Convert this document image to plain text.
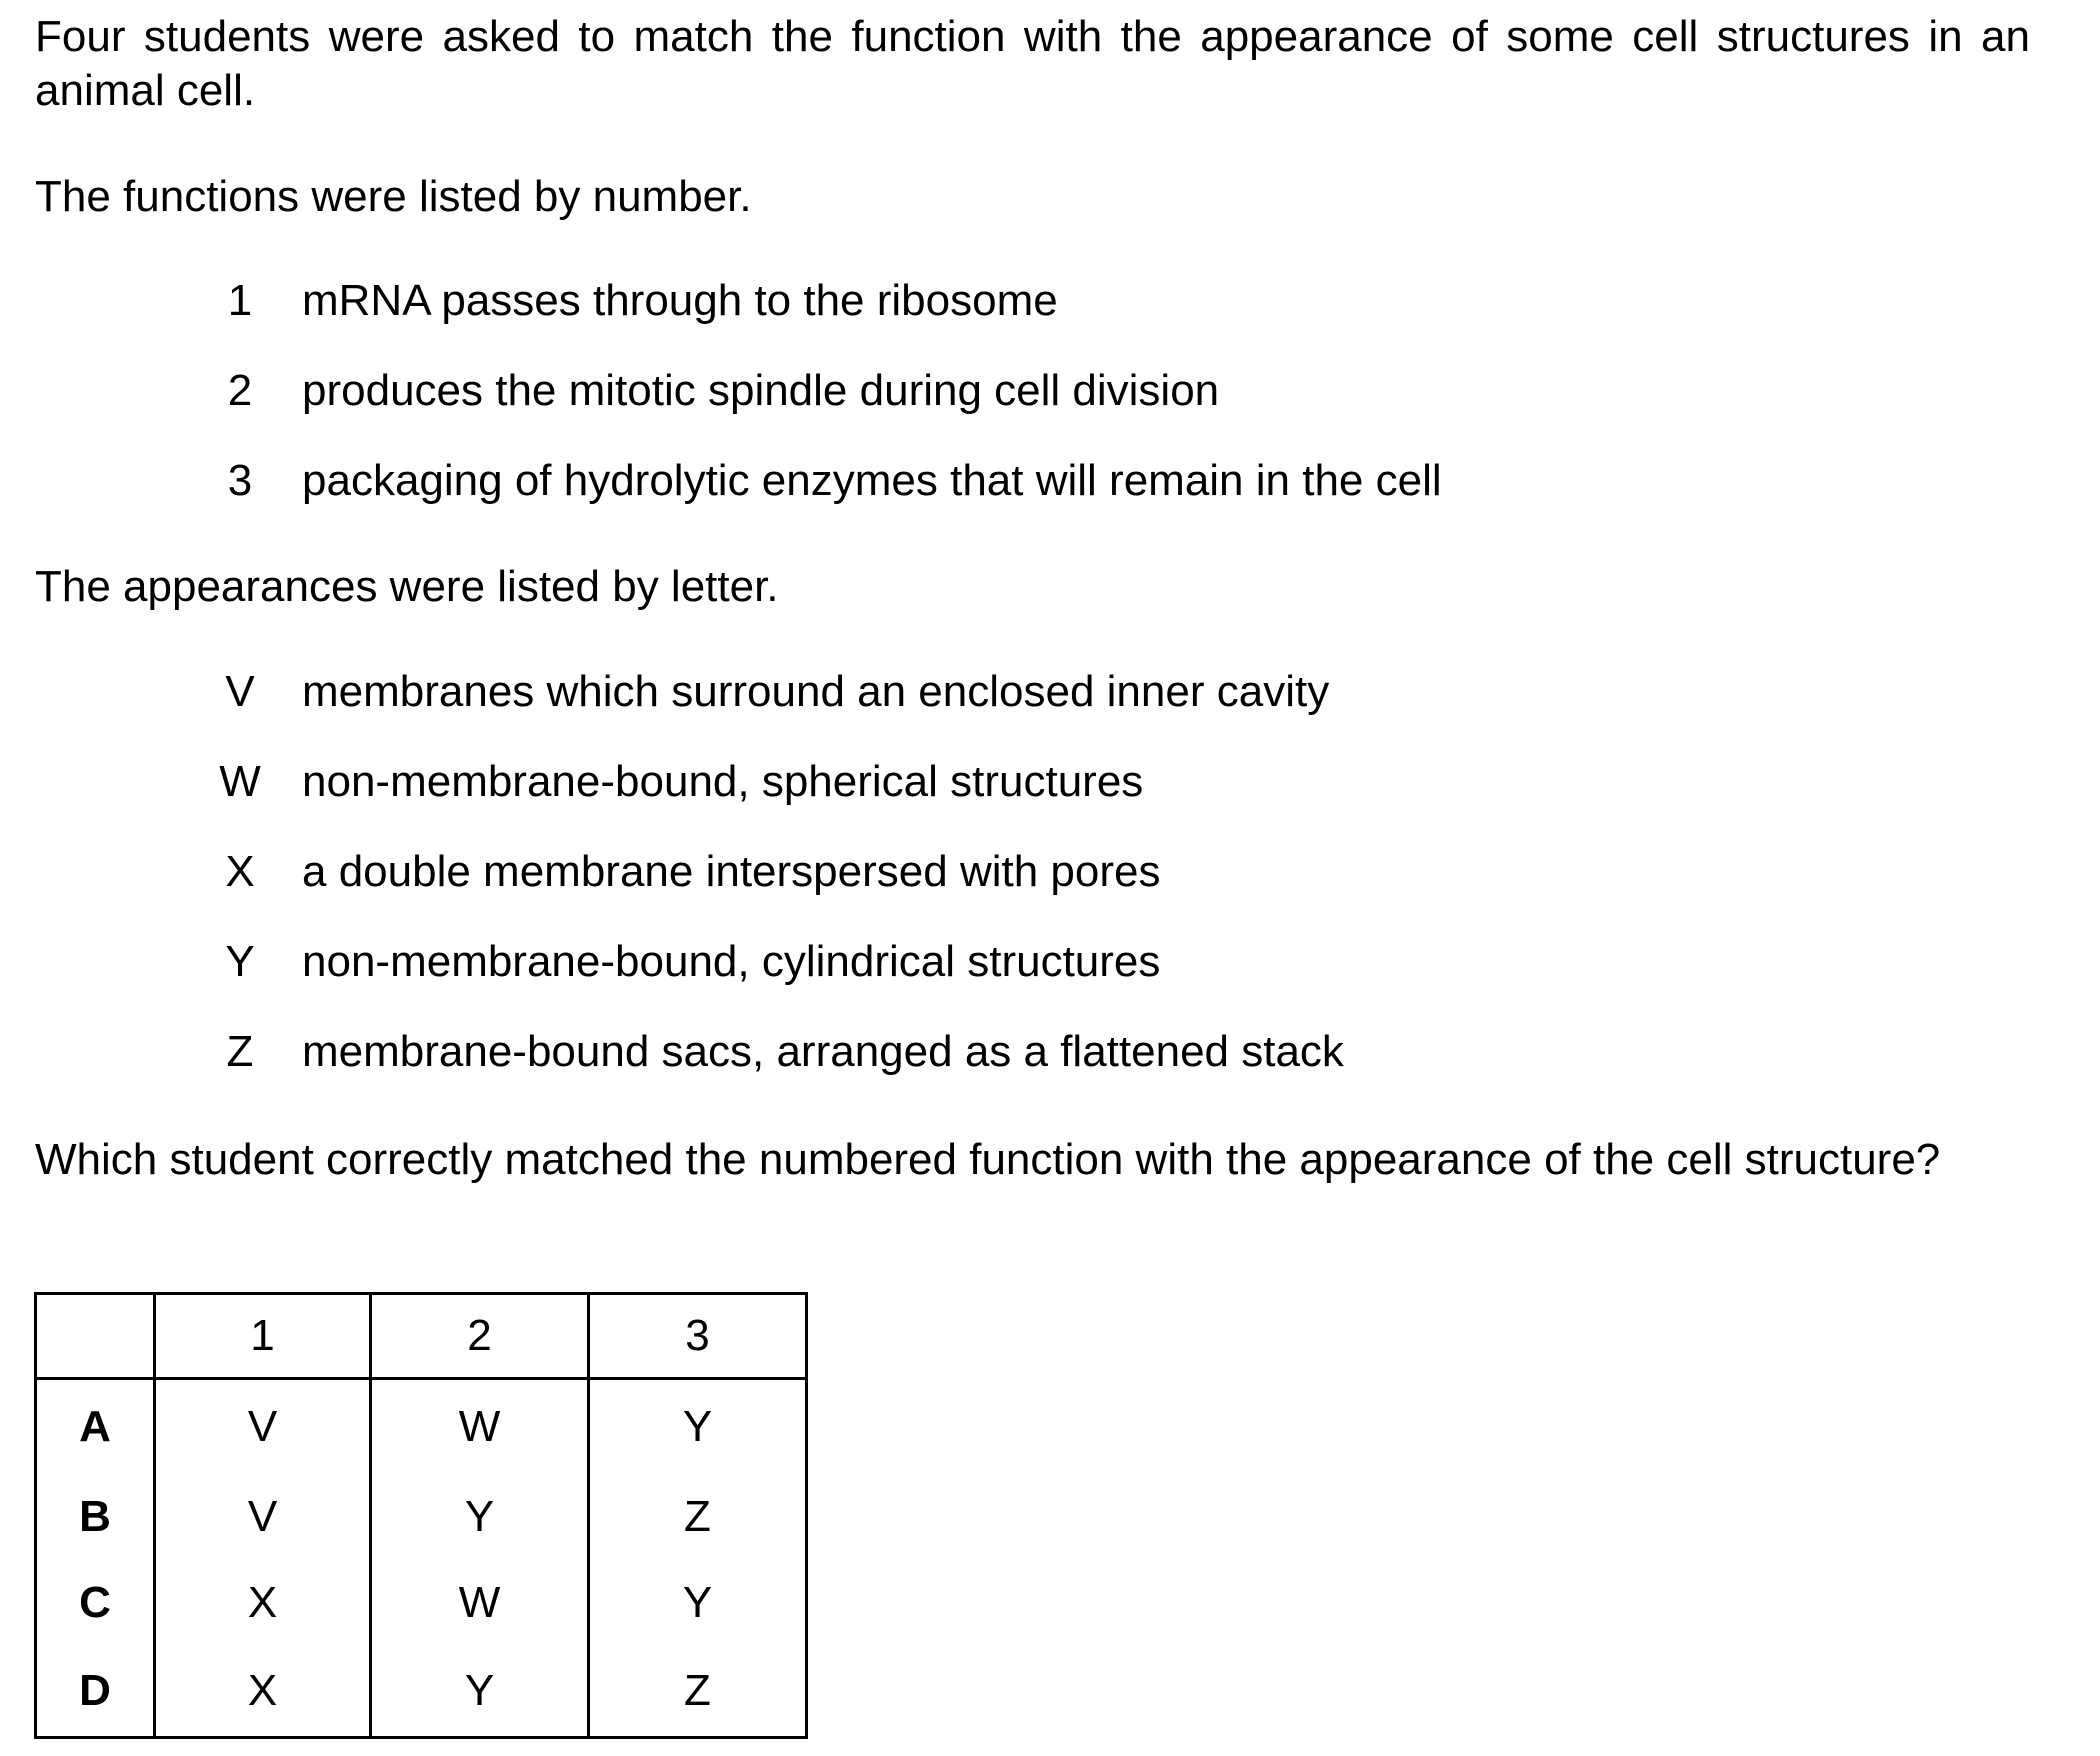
Four students were asked to match the function with the appearance of some cell structures in an animal cell.
The functions were listed by number.
1	mRNA passes through to the ribosome
2	produces the mitotic spindle during cell division
3	packaging of hydrolytic enzymes that will remain in the cell
The appearances were listed by letter.
V	membranes which surround an enclosed inner cavity
W non-membrane-bound, spherical structures
X	a double membrane interspersed with pores
Y	non-membrane-bound, cylindrical structures
Z	membrane-bound sacs, arranged as a flattened stack
Which student correctly matched the numbered function with the appearance of the cell structure?
	1	2	3
A	V	W	Y
B	V	Y	Z
C	X	W	Y
D	X	Y	Z
